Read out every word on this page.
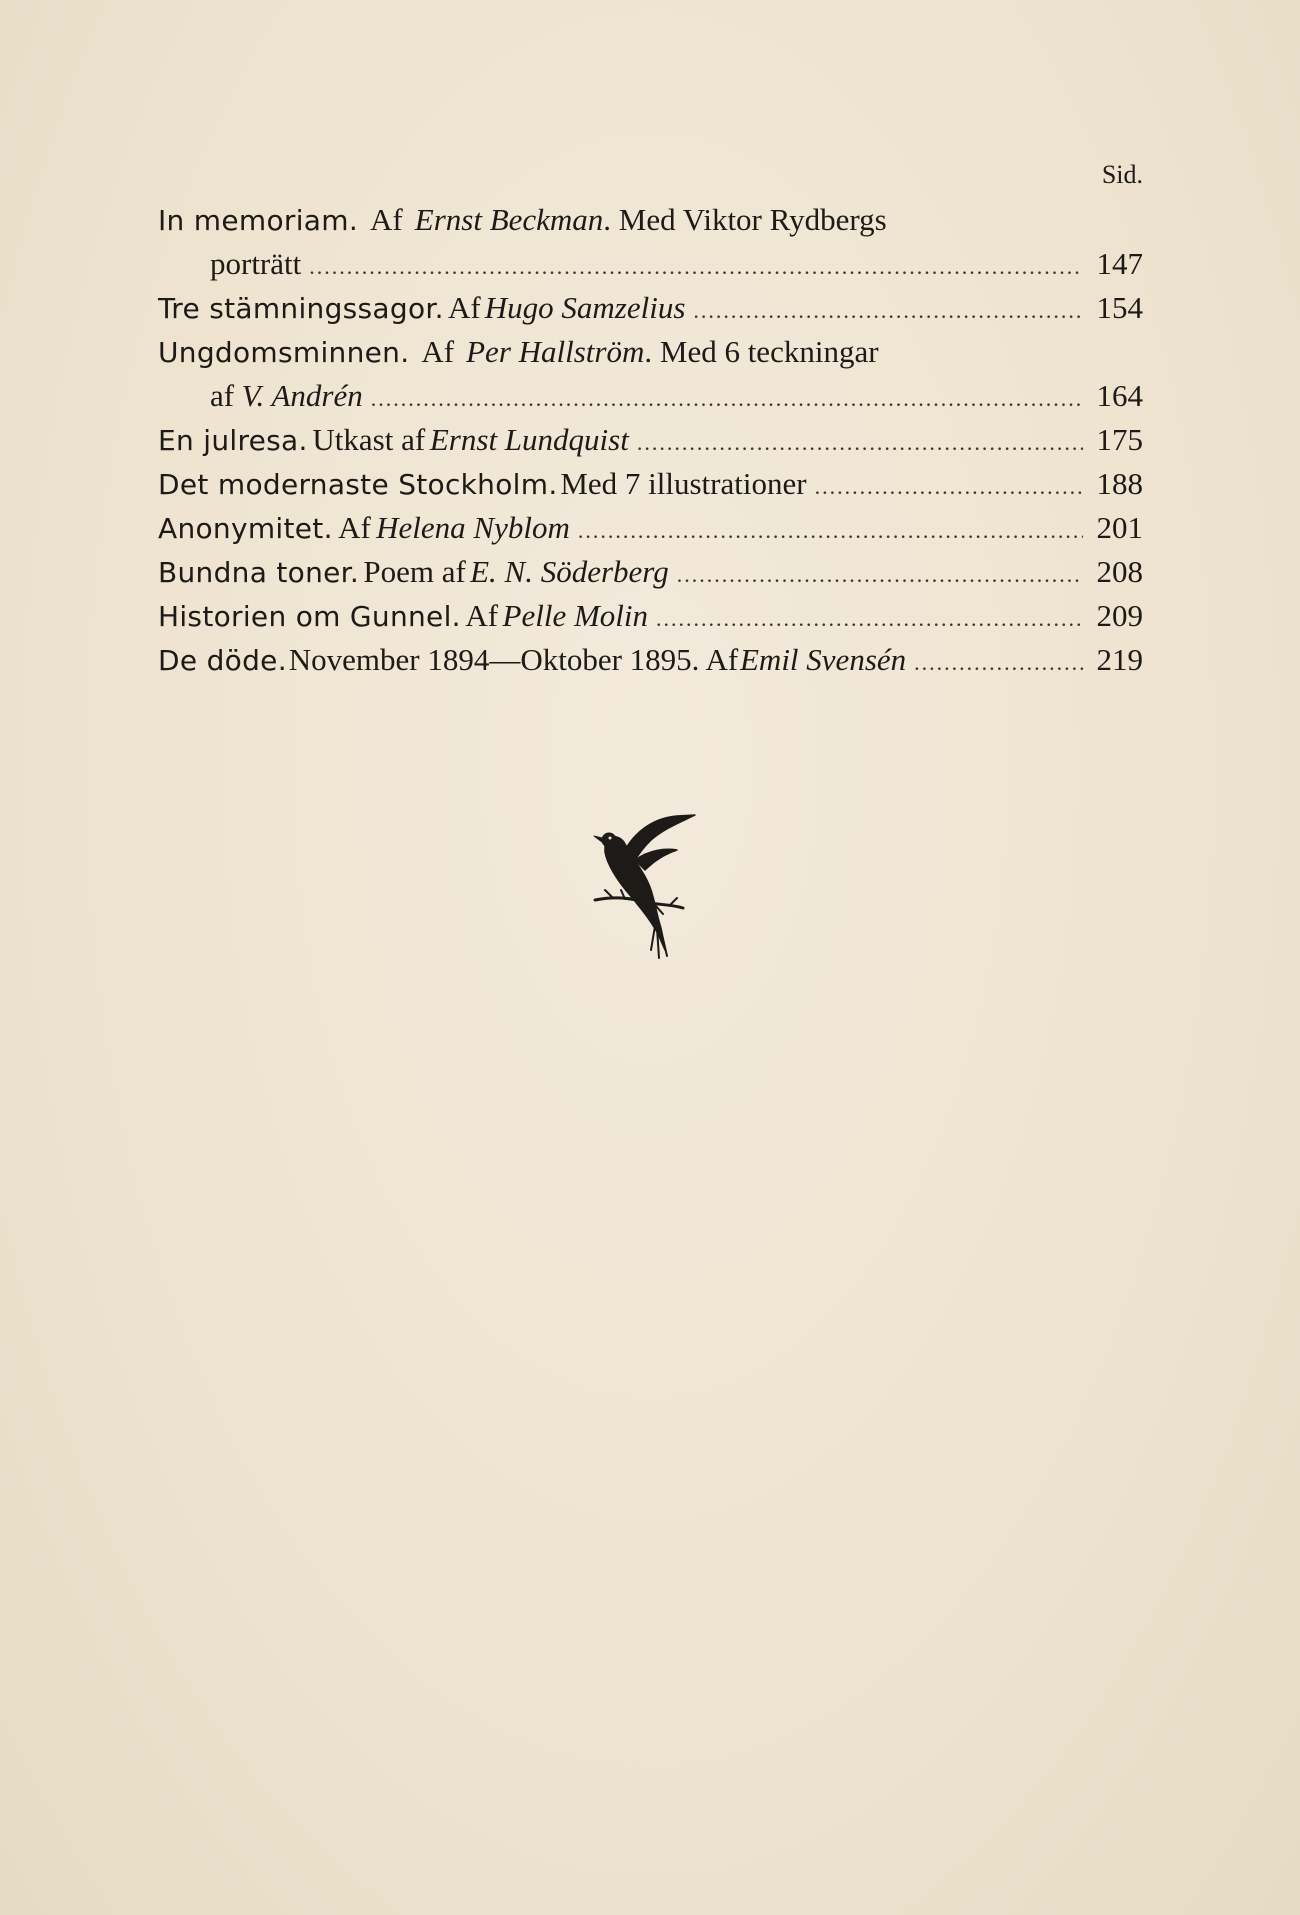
Sid.
In memoriam. Af Ernst Beckman . Med Viktor Rydbergs
porträtt .....	147
Tre stämningssagor. Af Hugo Samzelius .....	154
Ungdomsminnen. Af Per Hallström . Med 6 teckningar
af V. Andrén .....	164
En julresa. Utkast af Ernst Lundquist .....	175
Det modernaste Stockholm. Med 7 illustrationer .....	188
Anonymitet. Af Helena Nyblom .....	201
Bundna toner. Poem af E. N. Söderberg .....	208
Historien om Gunnel. Af Pelle Molin .....	209
De döde. November 1894—Oktober 1895. Af Emil Svensén .....	219
